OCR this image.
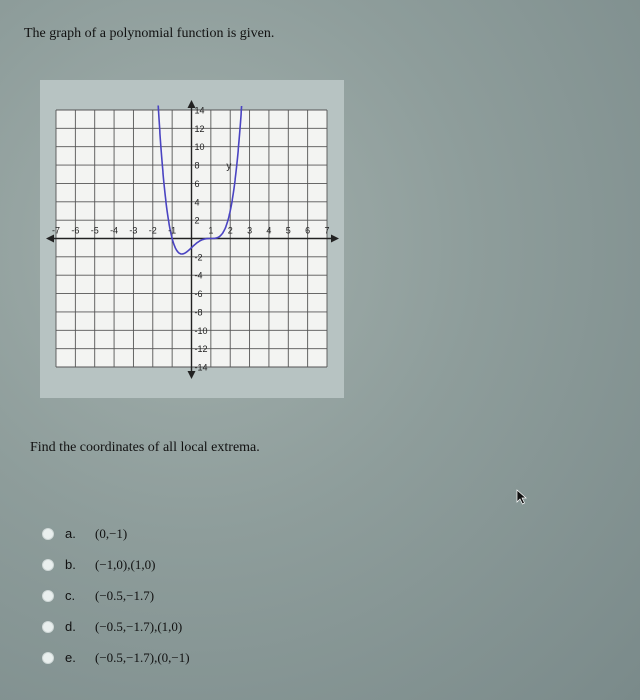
The graph of a polynomial function is given.
-7 -6 -5 -4 -3 -2 -1	1 2 3 4 5 6 7
14
12
10
8
6
4
2
-2
-4
-6
-8
-10
-12
-14
y

Find the coordinates of all local extrema.

a.	(0,−1)
b.	(−1,0),(1,0)
c.	(−0.5,−1.7)
d.	(−0.5,−1.7),(1,0)
e.	(−0.5,−1.7),(0,−1)
